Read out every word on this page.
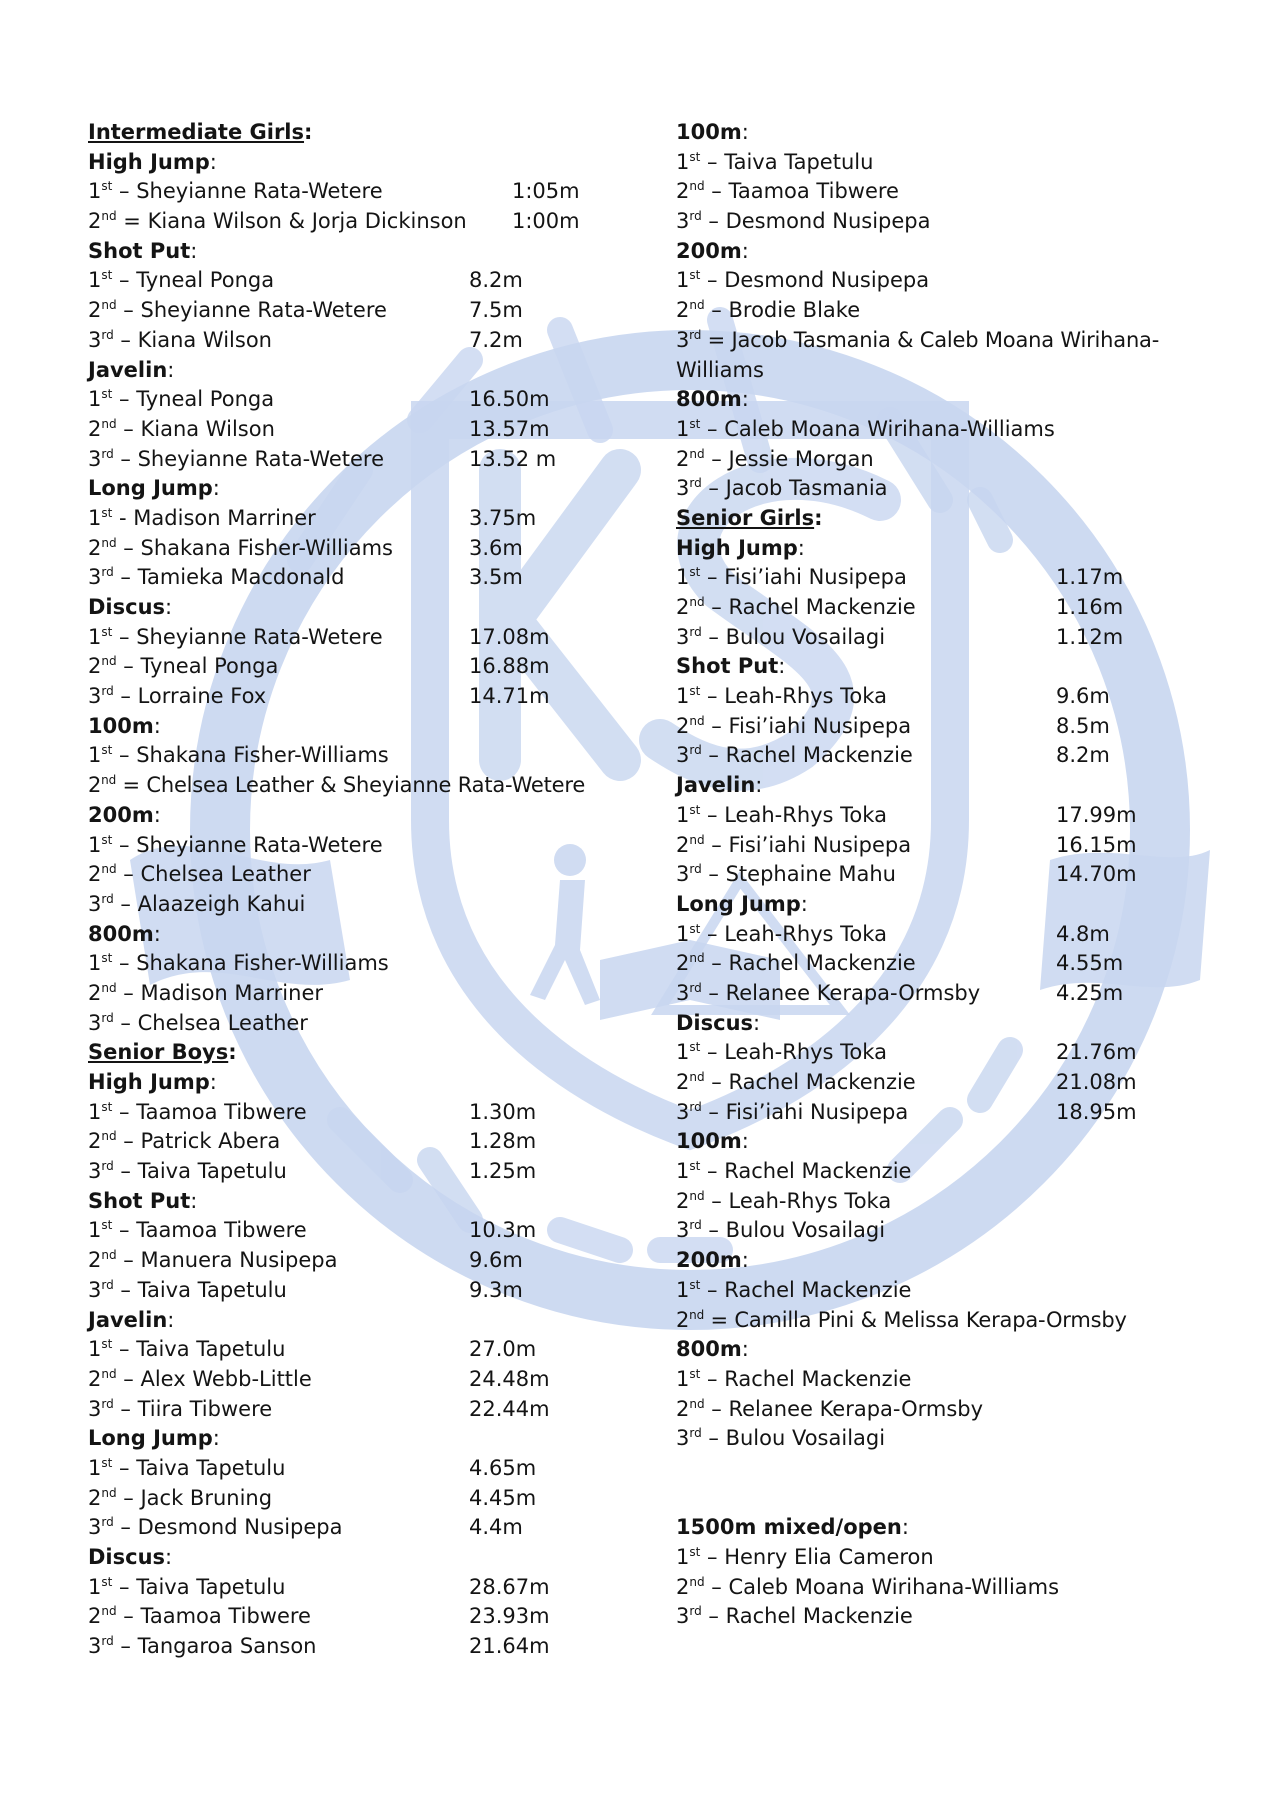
Intermediate Girls:
High Jump:
1st – Sheyianne Rata-Wetere	1:05m
2nd = Kiana Wilson & Jorja Dickinson 1:00m
Shot Put:
1st – Tyneal Ponga	8.2m
2nd – Sheyianne Rata-Wetere	7.5m
3rd – Kiana Wilson	7.2m
Javelin:
1st – Tyneal Ponga	16.50m
2nd – Kiana Wilson	13.57m
3rd – Sheyianne Rata-Wetere	13.52 m
Long Jump:
1st - Madison Marriner	3.75m
2nd – Shakana Fisher-Williams	3.6m
3rd – Tamieka Macdonald	3.5m
Discus:
1st – Sheyianne Rata-Wetere	17.08m
2nd – Tyneal Ponga	16.88m
3rd – Lorraine Fox	14.71m
100m:
1st – Shakana Fisher-Williams
2nd = Chelsea Leather & Sheyianne Rata-Wetere
200m:
1st – Sheyianne Rata-Wetere
2nd – Chelsea Leather
3rd – Alaazeigh Kahui
800m:
1st – Shakana Fisher-Williams
2nd – Madison Marriner
3rd – Chelsea Leather
Senior Boys:
High Jump:
1st – Taamoa Tibwere	1.30m
2nd – Patrick Abera	1.28m
3rd – Taiva Tapetulu	1.25m
Shot Put:
1st – Taamoa Tibwere	10.3m
2nd – Manuera Nusipepa	9.6m
3rd – Taiva Tapetulu	9.3m
Javelin:
1st – Taiva Tapetulu	27.0m
2nd – Alex Webb-Little	24.48m
3rd – Tiira Tibwere	22.44m
Long Jump:
1st – Taiva Tapetulu	4.65m
2nd – Jack Bruning	4.45m
3rd – Desmond Nusipepa	4.4m
Discus:
1st – Taiva Tapetulu	28.67m
2nd – Taamoa Tibwere	23.93m
3rd – Tangaroa Sanson	21.64m
100m:
1st – Taiva Tapetulu
2nd – Taamoa Tibwere
3rd – Desmond Nusipepa
200m:
1st – Desmond Nusipepa
2nd – Brodie Blake
3rd = Jacob Tasmania & Caleb Moana Wirihana-
Williams
800m:
1st – Caleb Moana Wirihana-Williams
2nd – Jessie Morgan
3rd – Jacob Tasmania
Senior Girls:
High Jump:
1st – Fisi’iahi Nusipepa	1.17m
2nd – Rachel Mackenzie	1.16m
3rd – Bulou Vosailagi	1.12m
Shot Put:
1st – Leah-Rhys Toka	9.6m
2nd – Fisi’iahi Nusipepa	8.5m
3rd – Rachel Mackenzie	8.2m
Javelin:
1st – Leah-Rhys Toka	17.99m
2nd – Fisi’iahi Nusipepa	16.15m
3rd – Stephaine Mahu	14.70m
Long Jump:
1st – Leah-Rhys Toka	4.8m
2nd – Rachel Mackenzie	4.55m
3rd – Relanee Kerapa-Ormsby	4.25m
Discus:
1st – Leah-Rhys Toka	21.76m
2nd – Rachel Mackenzie	21.08m
3rd – Fisi’iahi Nusipepa	18.95m
100m:
1st – Rachel Mackenzie
2nd – Leah-Rhys Toka
3rd – Bulou Vosailagi
200m:
1st – Rachel Mackenzie
2nd = Camilla Pini & Melissa Kerapa-Ormsby
800m:
1st – Rachel Mackenzie
2nd – Relanee Kerapa-Ormsby
3rd – Bulou Vosailagi
1500m mixed/open:
1st – Henry Elia Cameron
2nd – Caleb Moana Wirihana-Williams
3rd – Rachel Mackenzie
